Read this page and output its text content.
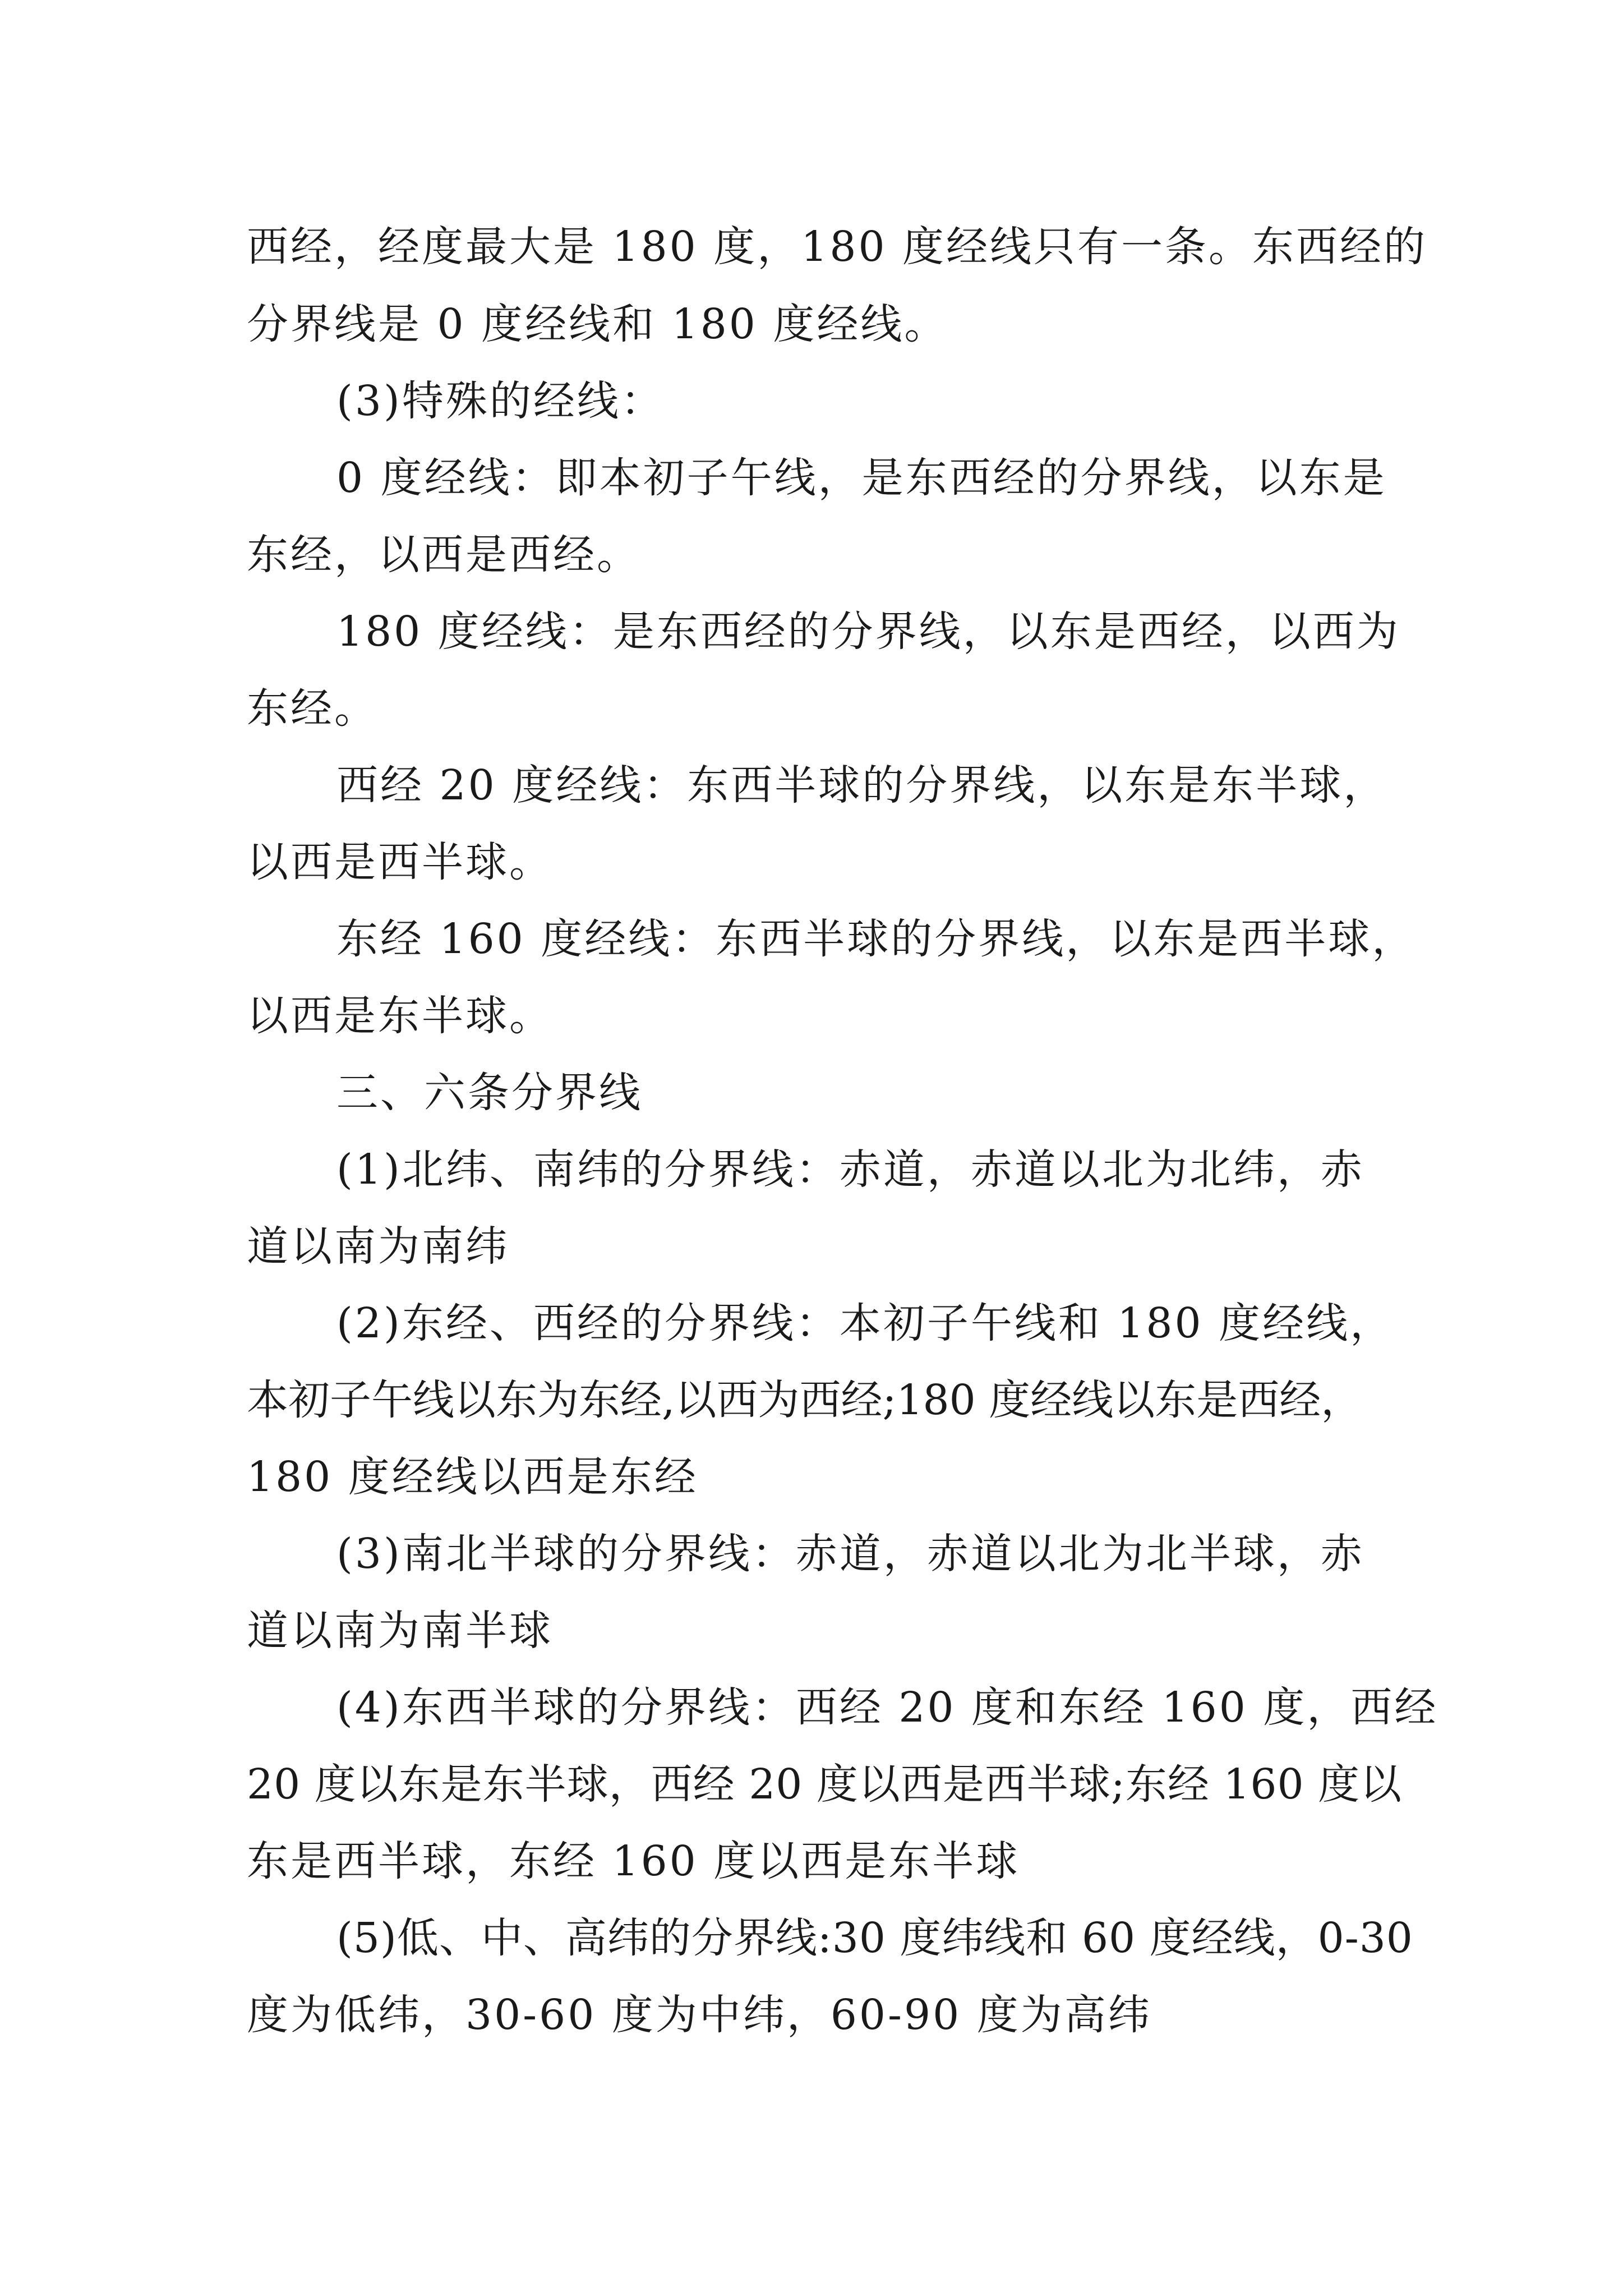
西经，经度最大是 180 度，180 度经线只有一条。东西经的
分界线是 0 度经线和 180 度经线。
(3)特殊的经线：
0 度经线：即本初子午线，是东西经的分界线，以东是
东经，以西是西经。
180 度经线：是东西经的分界线，以东是西经，以西为
东经。
西经 20 度经线：东西半球的分界线，以东是东半球，
以西是西半球。
东经 160 度经线：东西半球的分界线，以东是西半球，
以西是东半球。
三、六条分界线
(1)北纬、南纬的分界线：赤道，赤道以北为北纬，赤
道以南为南纬
(2)东经、西经的分界线：本初子午线和 180 度经线，
本初子午线以东为东经,以西为西经;180 度经线以东是西经，
180 度经线以西是东经
(3)南北半球的分界线：赤道，赤道以北为北半球，赤
道以南为南半球
(4)东西半球的分界线：西经 20 度和东经 160 度，西经
20 度以东是东半球，西经 20 度以西是西半球;东经 160 度以
东是西半球，东经 160 度以西是东半球
(5)低、中、高纬的分界线:30 度纬线和 60 度经线，0-30
度为低纬，30-60 度为中纬，60-90 度为高纬
